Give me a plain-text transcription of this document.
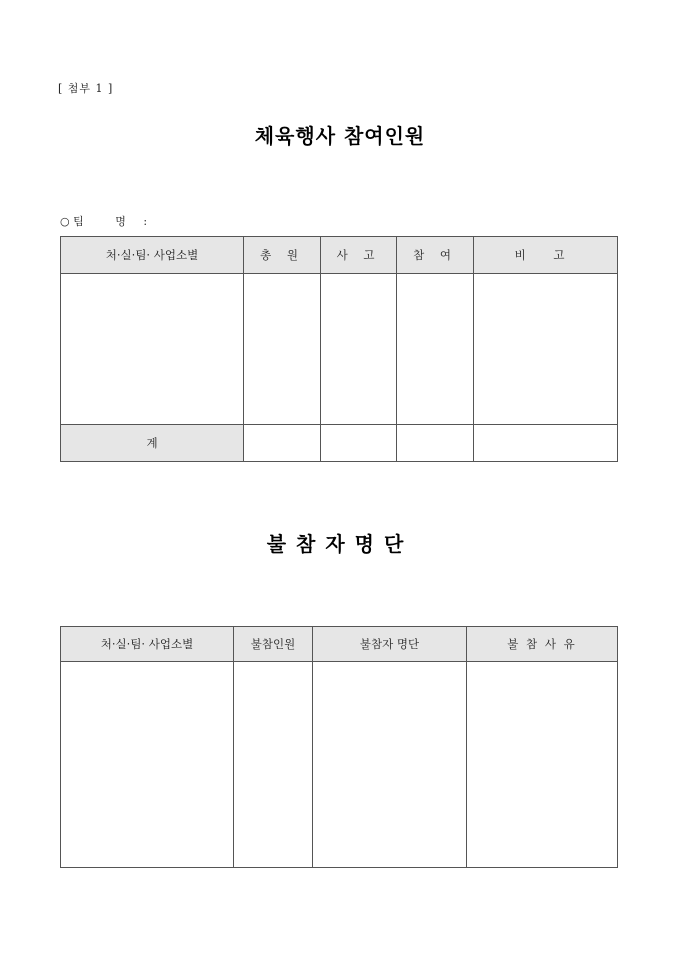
[ 첨부 1 ]
체육행사 참여인원
○ 팀 명 :
처·실·팀· 사업소별	총 원	사 고	참 여	비 고

계				
불참자명단
처·실·팀· 사업소별	불참인원	불참자 명단	불 참 사 유
